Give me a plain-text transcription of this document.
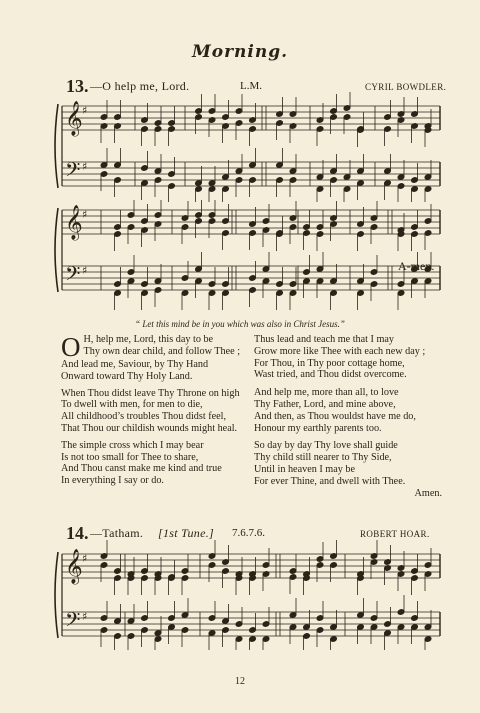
Morning.
13. —O help me, Lord.	L.M.	CYRIL BOWDLER.
𝄞
𝄢
♯
♯
𝄞
𝄢
♯
♯	A-men.
“ Let this mind be in you which was also in Christ Jesus.”
O H, help me, Lord, this day to be

Thy own dear child, and follow Thee ;

And lead me, Saviour, by Thy Hand

Onward toward Thy Holy Land.

When Thou didst leave Thy Throne on high

To dwell with men, for men to die,

All childhood’s troubles Thou didst feel,

That Thou our childish wounds might heal.

The simple cross which I may bear

Is not too small for Thee to share,

And Thou canst make me kind and true

In everything I say or do.

Thus lead and teach me that I may

Grow more like Thee with each new day ;

For Thou, in Thy poor cottage home,

Wast tried, and Thou didst overcome.

And help me, more than all, to love

Thy Father, Lord, and mine above,

And then, as Thou wouldst have me do,

Honour my earthly parents too.

So day by day Thy love shall guide

Thy child still nearer to Thy Side,

Until in heaven I may be

For ever Thine, and dwell with Thee.

Amen.

14. —Tatham. [1st Tune.] 7.6.7.6.	ROBERT HOAR.
𝄞
𝄢
♯
♯
12
